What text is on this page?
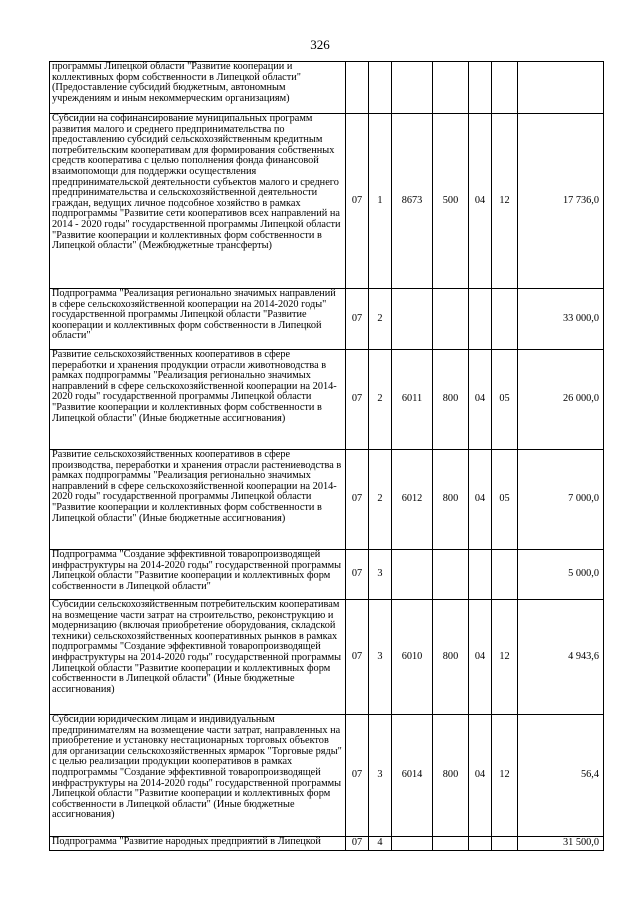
326
программы Липецкой области "Развитие кооперации и коллективных форм собственности в Липецкой области" (Предоставление субсидий бюджетным, автономным учреждениям и иным некоммерческим организациям)							
Субсидии на софинансирование муниципальных программ развития малого и среднего предпринимательства по предоставлению субсидий сельскохозяйственным кредитным потребительским кооперативам для формирования собственных средств кооператива с целью пополнения фонда финансовой взаимопомощи для поддержки осуществления предпринимательской деятельности субъектов малого и среднего предпринимательства и сельскохозяйственной деятельности граждан, ведущих личное подсобное хозяйство в рамках подпрограммы "Развитие сети кооперативов всех направлений на 2014 - 2020 годы" государственной программы Липецкой области "Развитие кооперации и коллективных форм собственности в Липецкой области" (Межбюджетные трансферты)	07	1	8673	500	04	12	17 736,0
Подпрограмма "Реализация регионально значимых направлений в сфере сельскохозяйственной кооперации на 2014-2020 годы" государственной программы Липецкой области "Развитие кооперации и коллективных форм собственности в Липецкой области"	07	2					33 000,0
Развитие сельскохозяйственных кооперативов в сфере переработки и хранения продукции отрасли животноводства в рамках подпрограммы "Реализация регионально значимых направлений в сфере сельскохозяйственной кооперации на 2014-2020 годы" государственной программы Липецкой области "Развитие кооперации и коллективных форм собственности в Липецкой области" (Иные бюджетные ассигнования)	07	2	6011	800	04	05	26 000,0
Развитие сельскохозяйственных кооперативов в сфере производства, переработки и хранения отрасли растениеводства в рамках подпрограммы "Реализация регионально значимых направлений в сфере сельскохозяйственной кооперации на 2014-2020 годы" государственной программы Липецкой области "Развитие кооперации и коллективных форм собственности в Липецкой области" (Иные бюджетные ассигнования)	07	2	6012	800	04	05	7 000,0
Подпрограмма "Создание эффективной товаропроизводящей инфраструктуры на 2014-2020 годы" государственной программы Липецкой области "Развитие кооперации и коллективных форм собственности в Липецкой области"	07	3					5 000,0
Субсидии сельскохозяйственным потребительским кооперативам на возмещение части затрат на строительство, реконструкцию и модернизацию (включая приобретение оборудования, складской техники) сельскохозяйственных кооперативных рынков в рамках подпрограммы "Создание эффективной товаропроизводящей инфраструктуры на 2014-2020 годы" государственной программы Липецкой области "Развитие кооперации и коллективных форм собственности в Липецкой области" (Иные бюджетные ассигнования)	07	3	6010	800	04	12	4 943,6
Субсидии юридическим лицам и индивидуальным предпринимателям на возмещение части затрат, направленных на приобретение и установку нестационарных торговых объектов для организации сельскохозяйственных ярмарок "Торговые ряды" с целью реализации продукции кооперативов в рамках подпрограммы "Создание эффективной товаропроизводящей инфраструктуры на 2014-2020 годы" государственной программы Липецкой области "Развитие кооперации и коллективных форм собственности в Липецкой области" (Иные бюджетные ассигнования)	07	3	6014	800	04	12	56,4
Подпрограмма "Развитие народных предприятий в Липецкой	07	4					31 500,0
